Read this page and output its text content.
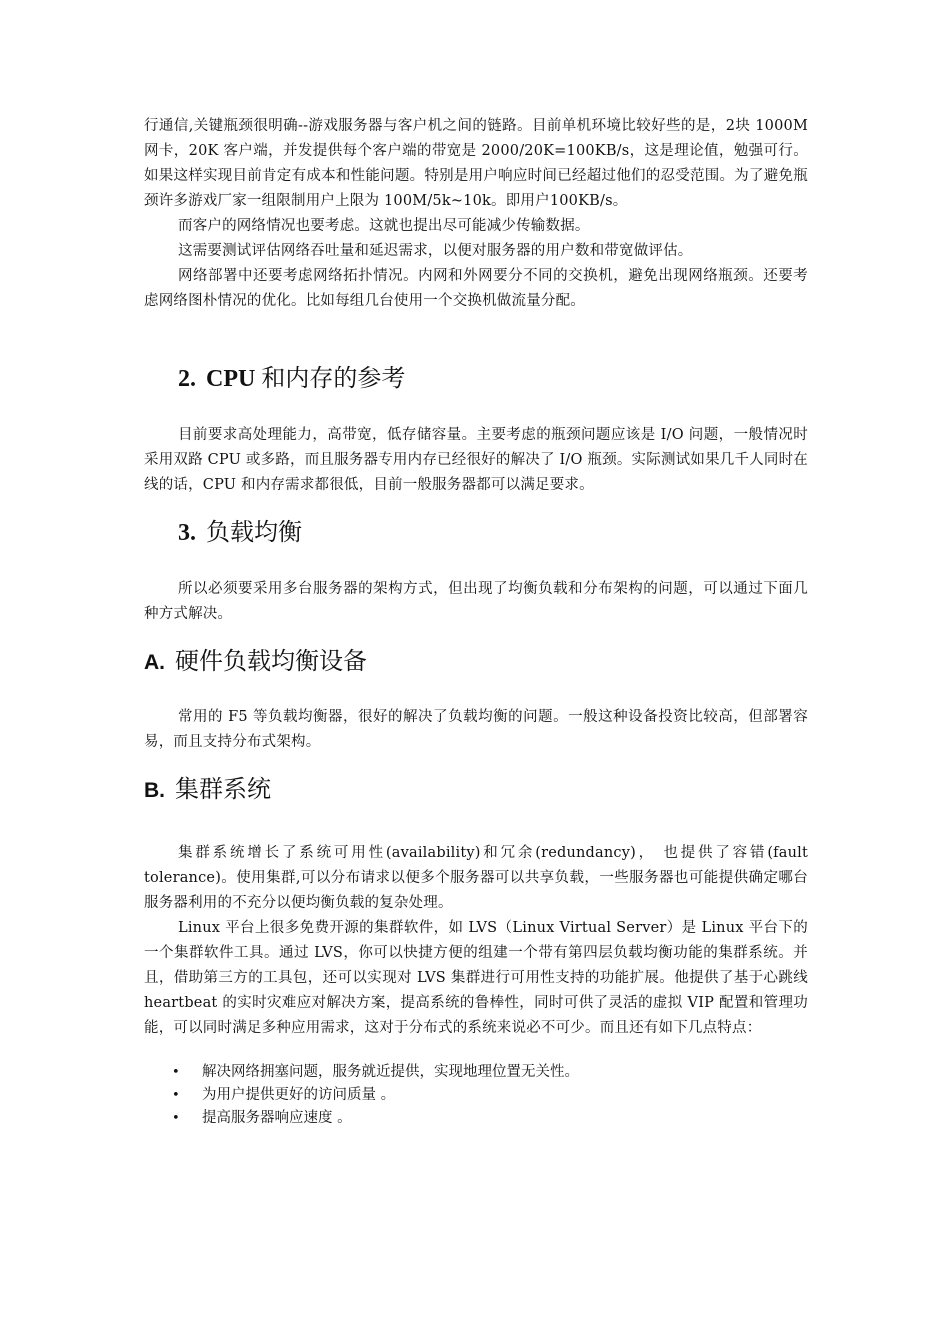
行通信,关键瓶颈很明确--游戏服务器与客户机之间的链路。目前单机环境比较好些的是，2块 1000M 网卡，20K 客户端，并发提供每个客户端的带宽是 2000/20K=100KB/s，这是理论值，勉强可行。如果这样实现目前肯定有成本和性能问题。特别是用户响应时间已经超过他们的忍受范围。为了避免瓶颈许多游戏厂家一组限制用户上限为 100M/5k~10k。即用户100KB/s。

而客户的网络情况也要考虑。这就也提出尽可能减少传输数据。

这需要测试评估网络吞吐量和延迟需求，以便对服务器的用户数和带宽做评估。

网络部署中还要考虑网络拓扑情况。内网和外网要分不同的交换机，避免出现网络瓶颈。还要考虑网络图朴情况的优化。比如每组几台使用一个交换机做流量分配。

2. CPU 和内存的参考

目前要求高处理能力，高带宽，低存储容量。主要考虑的瓶颈问题应该是 I/O 问题，一般情况时采用双路 CPU 或多路，而且服务器专用内存已经很好的解决了 I/O 瓶颈。实际测试如果几千人同时在线的话，CPU 和内存需求都很低，目前一般服务器都可以满足要求。

3. 负载均衡

所以必须要采用多台服务器的架构方式，但出现了均衡负载和分布架构的问题，可以通过下面几种方式解决。

A. 硬件负载均衡设备

常用的 F5 等负载均衡器，很好的解决了负载均衡的问题。一般这种设备投资比较高，但部署容易，而且支持分布式架构。

B. 集群系统

集群系统增长了系统可用性(availability)和冗余(redundancy)， 也提供了容错(fault tolerance)。使用集群,可以分布请求以便多个服务器可以共享负载，一些服务器也可能提供确定哪台服务器利用的不充分以便均衡负载的复杂处理。

Linux 平台上很多免费开源的集群软件，如 LVS（Linux Virtual Server）是 Linux 平台下的一个集群软件工具。通过 LVS，你可以快捷方便的组建一个带有第四层负载均衡功能的集群系统。并且，借助第三方的工具包，还可以实现对 LVS 集群进行可用性支持的功能扩展。他提供了基于心跳线 heartbeat 的实时灾难应对解决方案，提高系统的鲁棒性，同时可供了灵活的虚拟 VIP 配置和管理功能，可以同时满足多种应用需求，这对于分布式的系统来说必不可少。而且还有如下几点特点：

• 解决网络拥塞问题，服务就近提供，实现地理位置无关性。
• 为用户提供更好的访问质量 。
• 提高服务器响应速度 。
